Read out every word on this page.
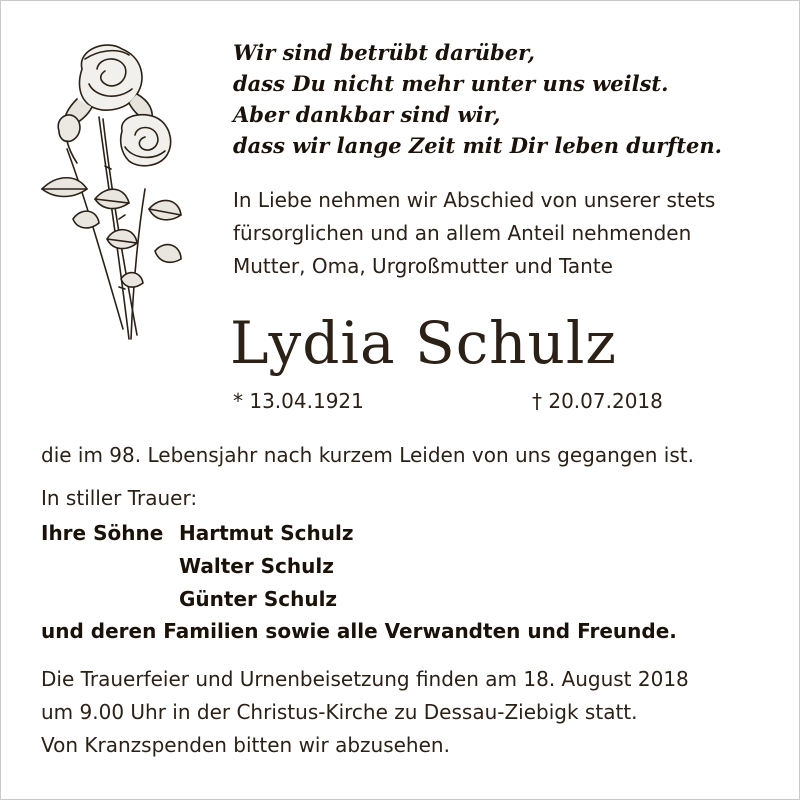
Wir sind betrübt darüber,
dass Du nicht mehr unter uns weilst.
Aber dankbar sind wir,
dass wir lange Zeit mit Dir leben durften.
In Liebe nehmen wir Abschied von unserer stets
fürsorglichen und an allem Anteil nehmenden
Mutter, Oma, Urgroßmutter und Tante
Lydia Schulz
* 13.04.1921	† 20.07.2018
die im 98. Lebensjahr nach kurzem Leiden von uns gegangen ist.
In stiller Trauer:
Ihre Söhne Hartmut Schulz
Walter Schulz
Günter Schulz
und deren Familien sowie alle Verwandten und Freunde.
Die Trauerfeier und Urnenbeisetzung finden am 18. August 2018
um 9.00 Uhr in der Christus-Kirche zu Dessau-Ziebigk statt.
Von Kranzspenden bitten wir abzusehen.
